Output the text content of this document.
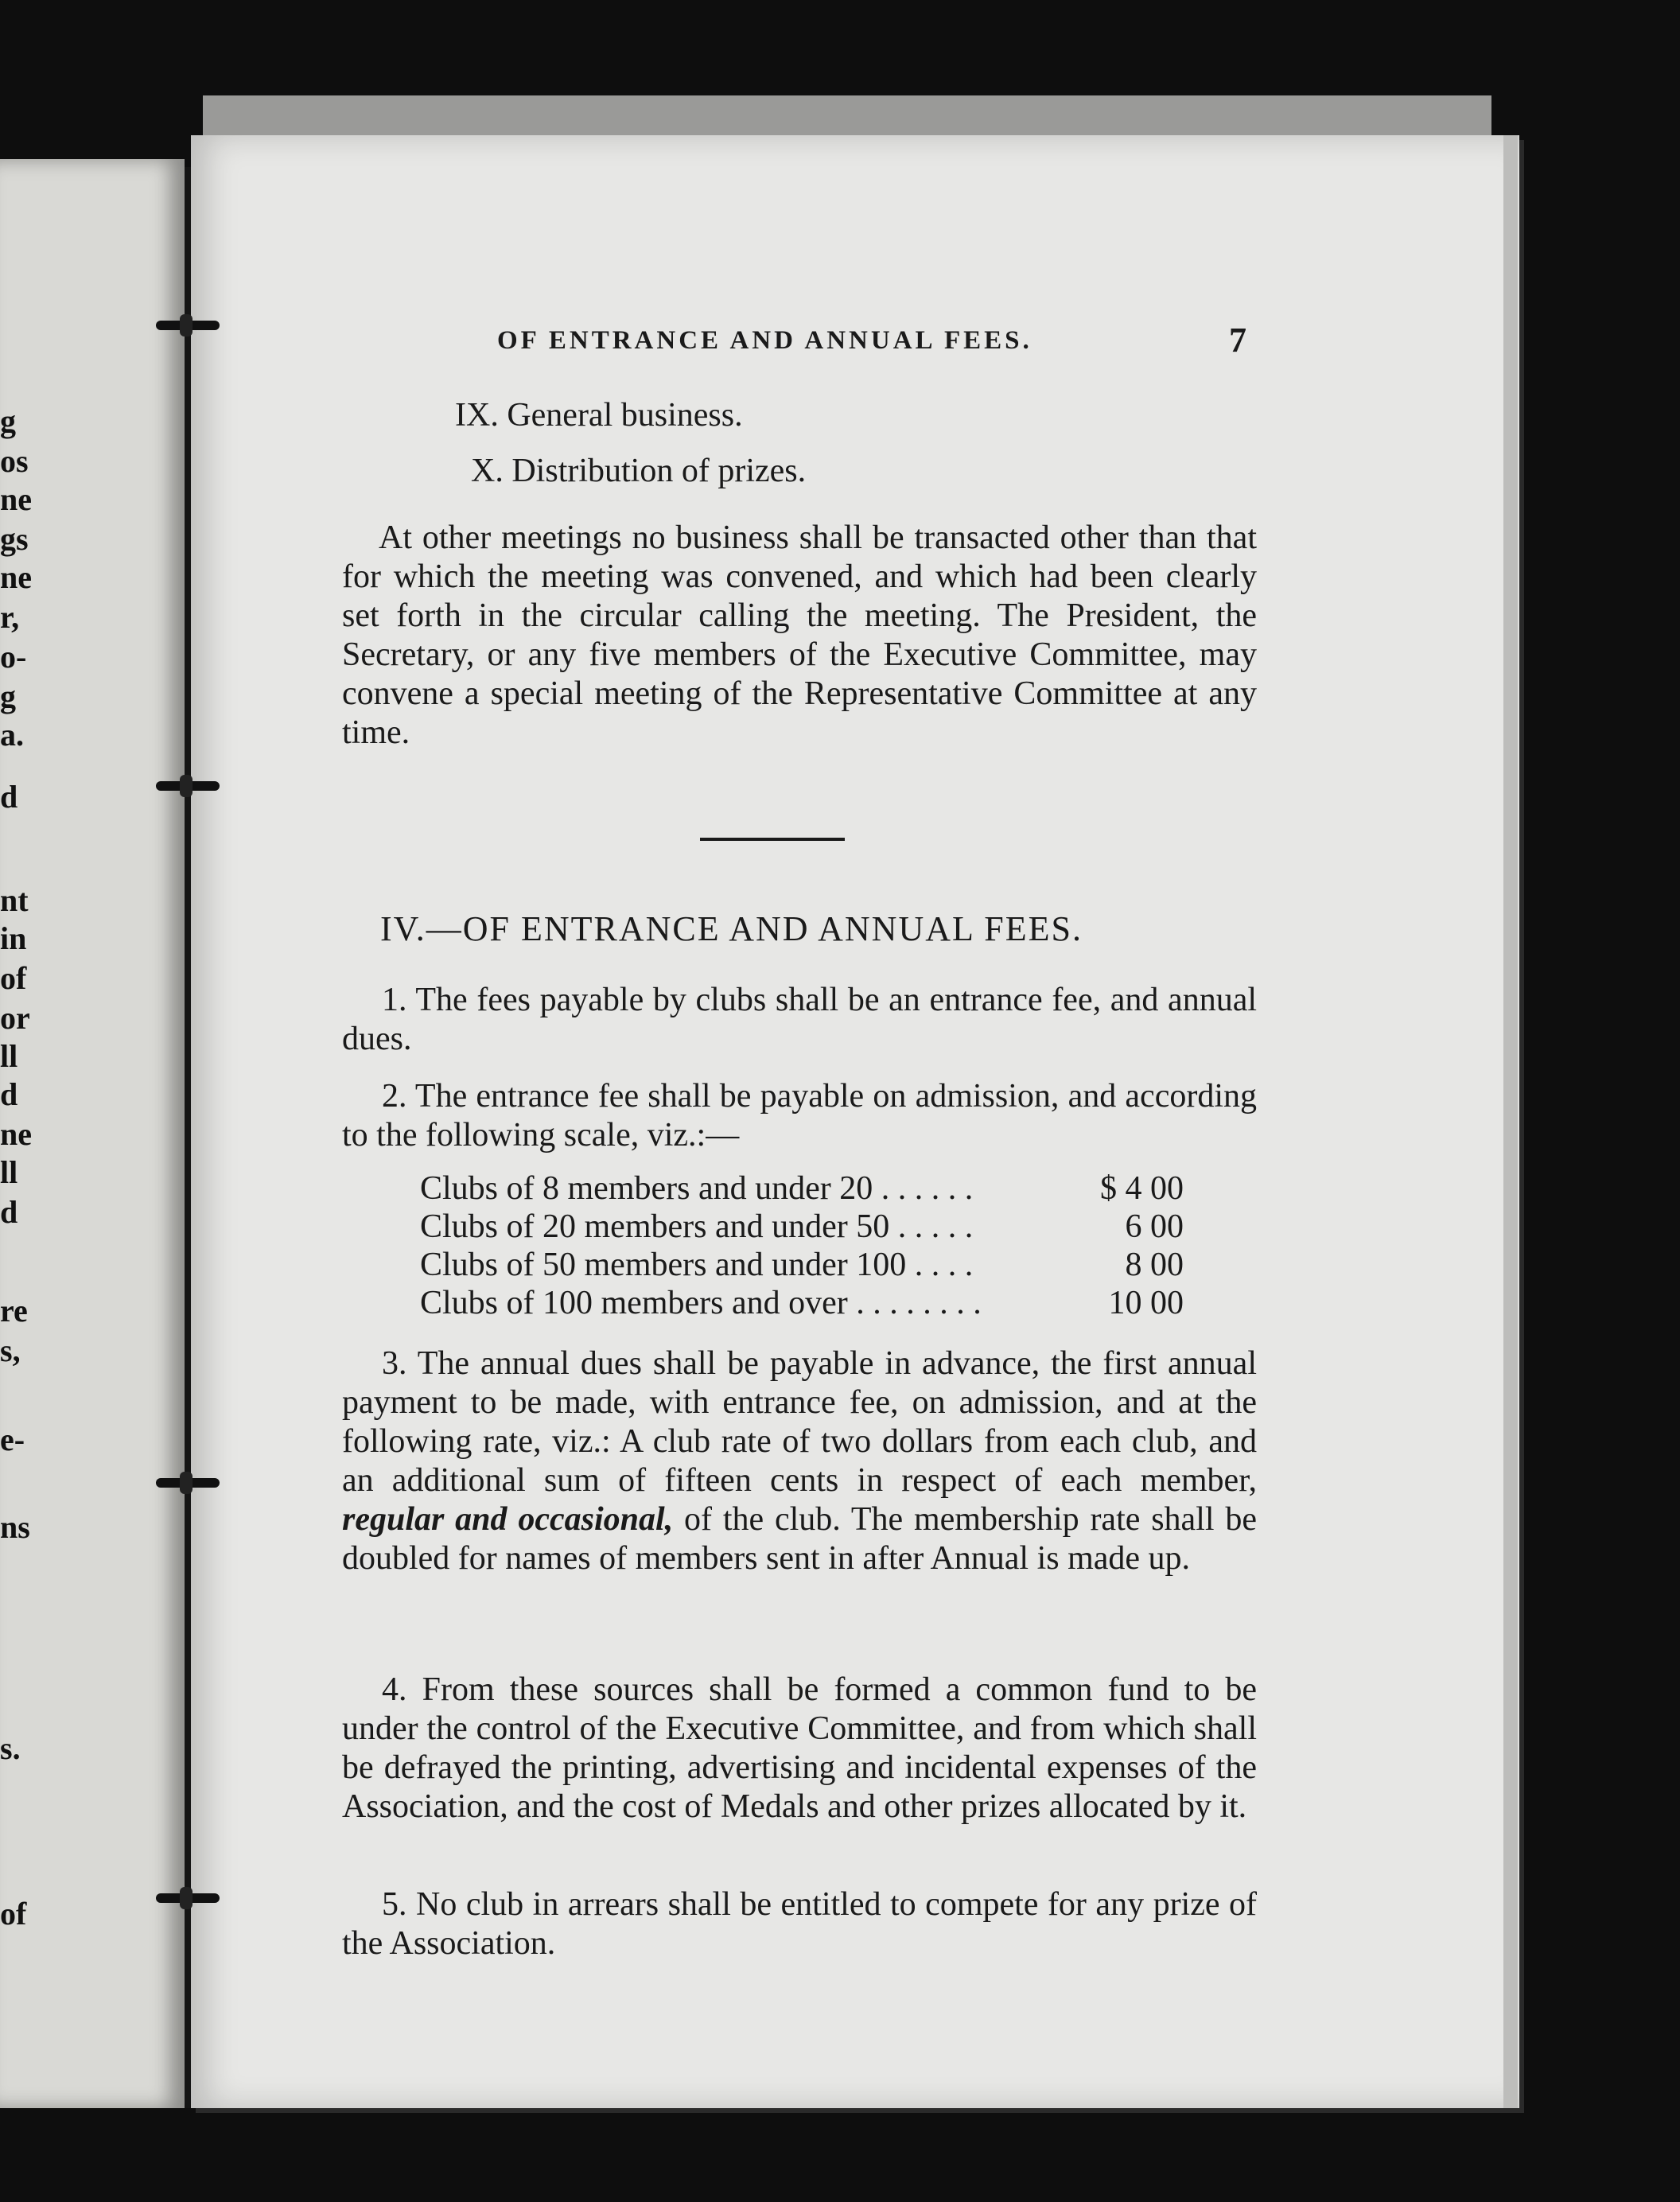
g
os
ne
gs
ne
r,
o-
g
a.
d
nt
in
of
or
ll
d
ne
ll
d
re
s,
e-
ns
s.
of
OF ENTRANCE AND ANNUAL FEES.	7
IX. General business.
X. Distribution of prizes.

At other meetings no business shall be transacted other than that for which the meeting was convened, and which had been clearly set forth in the circular calling the meeting. The President, the Secretary, or any five members of the Executive Committee, may convene a special meeting of the Representative Committee at any time.

IV.—OF ENTRANCE AND ANNUAL FEES.

1. The fees payable by clubs shall be an entrance fee, and annual dues.

2. The entrance fee shall be payable on admission, and according to the following scale, viz.:—

Clubs of 8 members and under 20 . . . . . .	$ 4 00
Clubs of 20 members and under 50 . . . . .	6 00
Clubs of 50 members and under 100 . . . .	8 00
Clubs of 100 members and over . . . . . . . .	10 00

3. The annual dues shall be payable in advance, the first annual payment to be made, with entrance fee, on admission, and at the following rate, viz.: A club rate of two dollars from each club, and an additional sum of fifteen cents in respect of each member, regular and occasional, of the club. The membership rate shall be doubled for names of members sent in after Annual is made up.

4. From these sources shall be formed a common fund to be under the control of the Executive Committee, and from which shall be defrayed the printing, advertising and incidental expenses of the Association, and the cost of Medals and other prizes allocated by it.

5. No club in arrears shall be entitled to compete for any prize of the Association.
